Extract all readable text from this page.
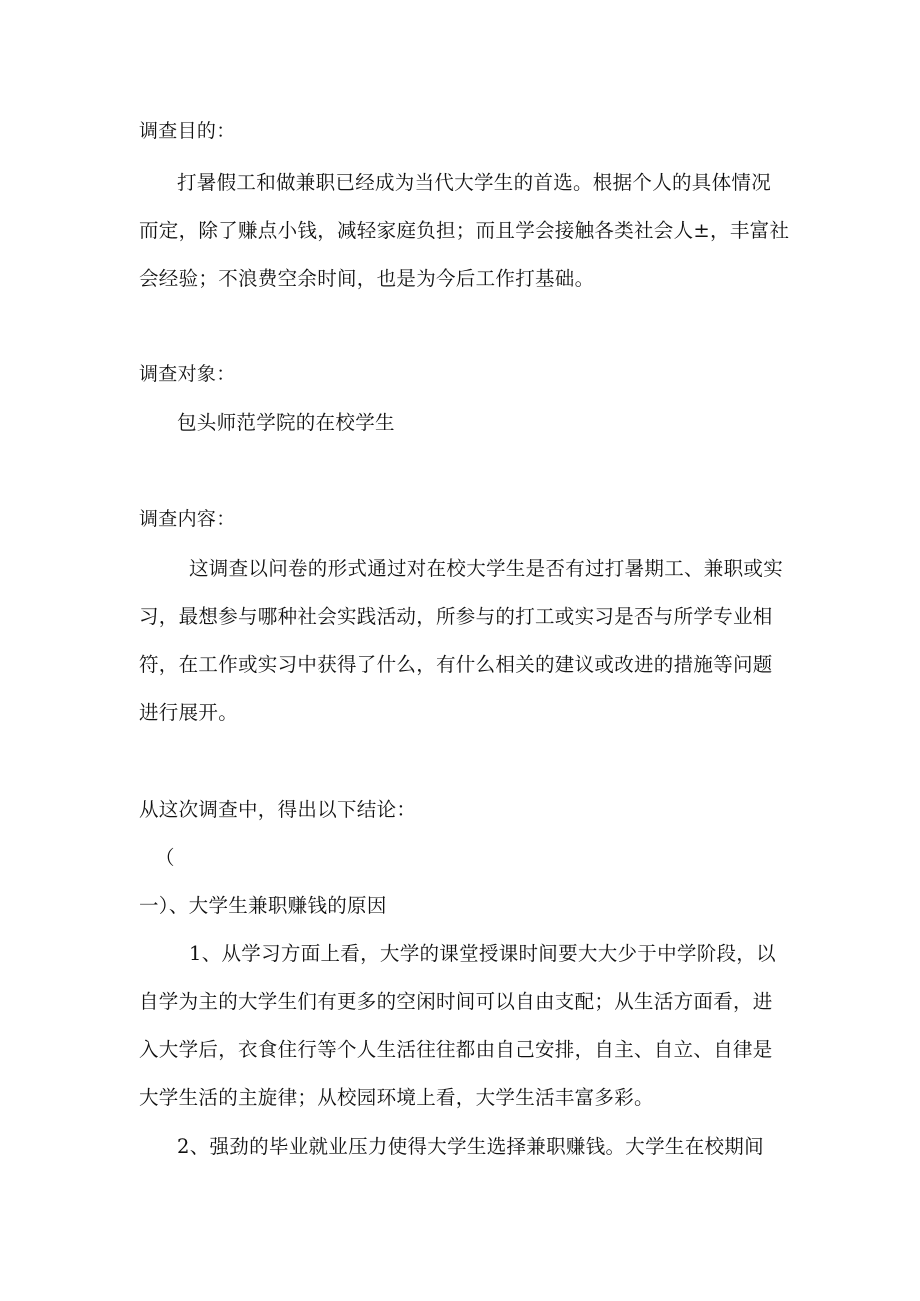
调查目的：
打暑假工和做兼职已经成为当代大学生的首选。根据个人的具体情况
而定，除了赚点小钱，减轻家庭负担；而且学会接触各类社会人±，丰富社
会经验；不浪费空余时间，也是为今后工作打基础。
调查对象：
包头师范学院的在校学生
调查内容：
这调查以问卷的形式通过对在校大学生是否有过打暑期工、兼职或实
习，最想参与哪种社会实践活动，所参与的打工或实习是否与所学专业相
符，在工作或实习中获得了什么，有什么相关的建议或改进的措施等问题
进行展开。
从这次调查中，得出以下结论：
（
一）、大学生兼职赚钱的原因
1、从学习方面上看，大学的课堂授课时间要大大少于中学阶段，以
自学为主的大学生们有更多的空闲时间可以自由支配；从生活方面看，进
入大学后，衣食住行等个人生活往往都由自己安排，自主、自立、自律是
大学生活的主旋律；从校园环境上看，大学生活丰富多彩。
2、强劲的毕业就业压力使得大学生选择兼职赚钱。大学生在校期间
